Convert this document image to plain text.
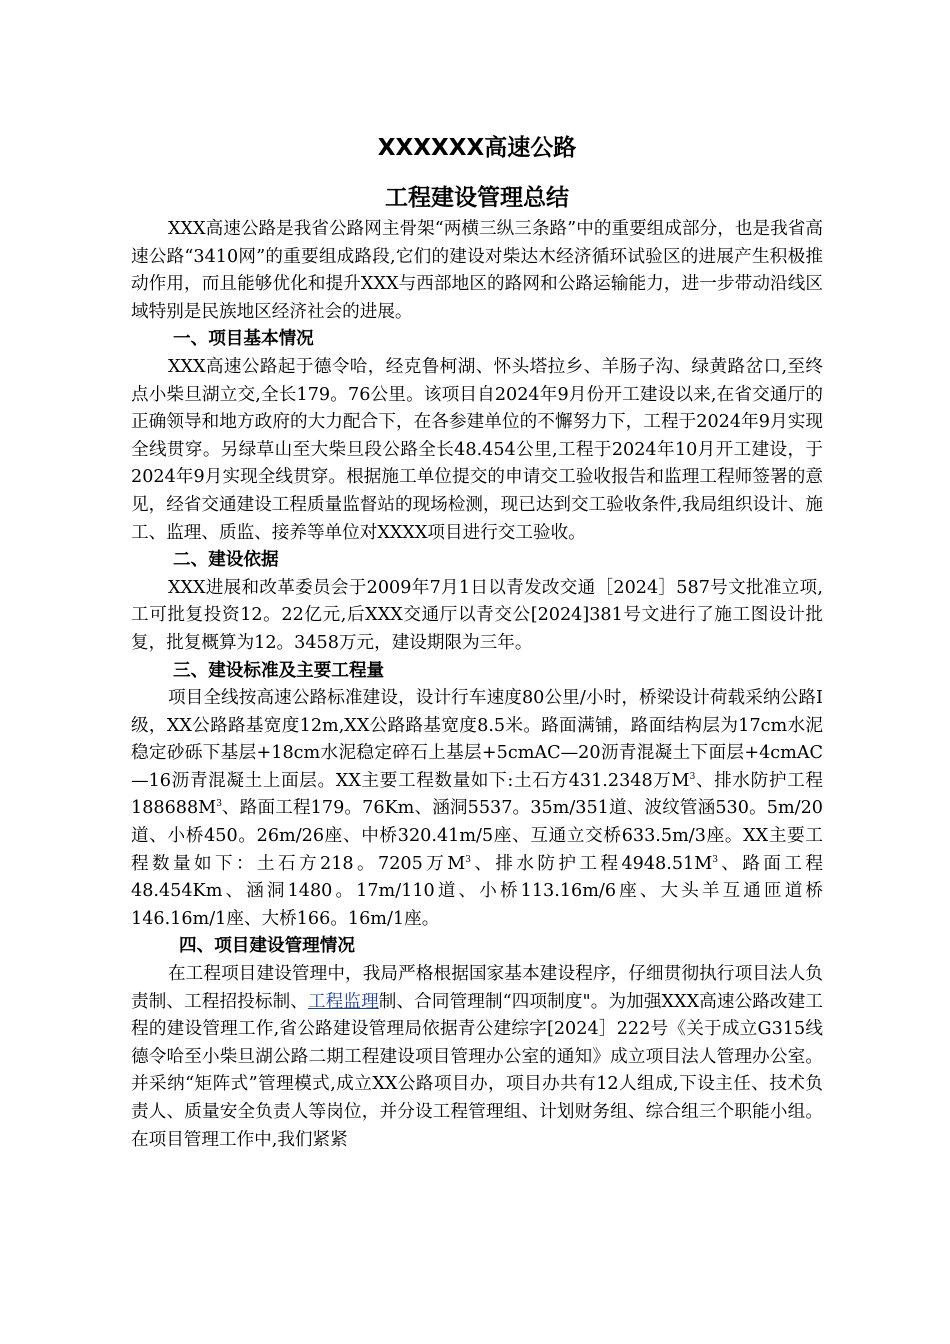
XXXXXX高速公路
工程建设管理总结

XXX高速公路是我省公路网主骨架“两横三纵三条路”中的重要组成部分，也是我省高速公路“3410网”的重要组成路段,它们的建设对柴达木经济循环试验区的进展产生积极推动作用，而且能够优化和提升XXX与西部地区的路网和公路运输能力，进一步带动沿线区域特别是民族地区经济社会的进展。

一、项目基本情况

XXX高速公路起于德令哈，经克鲁柯湖、怀头塔拉乡、羊肠子沟、绿黄路岔口,至终点小柴旦湖立交,全长179。76公里。该项目自2024年9月份开工建设以来,在省交通厅的正确领导和地方政府的大力配合下，在各参建单位的不懈努力下，工程于2024年9月实现全线贯穿。另绿草山至大柴旦段公路全长48.454公里,工程于2024年10月开工建设，于2024年9月实现全线贯穿。根据施工单位提交的申请交工验收报告和监理工程师签署的意见，经省交通建设工程质量监督站的现场检测，现已达到交工验收条件,我局组织设计、施工、监理、质监、接养等单位对XXXX项目进行交工验收。

二、建设依据

XXX进展和改革委员会于2009年7月1日以青发改交通［2024］587号文批准立项,工可批复投资12。22亿元,后XXX交通厅以青交公[2024]381号文进行了施工图设计批复，批复概算为12。3458万元，建设期限为三年。

三、建设标准及主要工程量

项目全线按高速公路标准建设，设计行车速度80公里/小时，桥梁设计荷载采纳公路Ⅰ级，XX公路路基宽度12m,XX公路路基宽度8.5米。路面满铺，路面结构层为17cm水泥稳定砂砾下基层+18cm水泥稳定碎石上基层+5cmAC—20沥青混凝土下面层+4cmAC—16沥青混凝土上面层。XX主要工程数量如下:土石方431.2348万$M^3$、排水防护工程$188688M^3$、路面工程179。76Km、涵洞5537。35m/351道、波纹管涵530。5m/20道、小桥450。26m/26座、中桥320.41m/5座、互通立交桥633.5m/3座。XX主要工程数量如下：土石方218。7205万$M^3$、排水防护工程$4948.51M^3$、路面工程48.454Km、涵洞1480。17m/110道、小桥113.16m/6座、大头羊互通匝道桥146.16m/1座、大桥166。16m/1座。

四、项目建设管理情况

在工程项目建设管理中，我局严格根据国家基本建设程序，仔细贯彻执行项目法人负责制、工程招投标制、工程监理制、合同管理制“四项制度"。为加强XXX高速公路改建工程的建设管理工作,省公路建设管理局依据青公建综字[2024］222号《关于成立G315线德令哈至小柴旦湖公路二期工程建设项目管理办公室的通知》成立项目法人管理办公室。并采纳“矩阵式”管理模式,成立XX公路项目办，项目办共有12人组成,下设主任、技术负责人、质量安全负责人等岗位，并分设工程管理组、计划财务组、综合组三个职能小组。在项目管理工作中,我们紧紧
